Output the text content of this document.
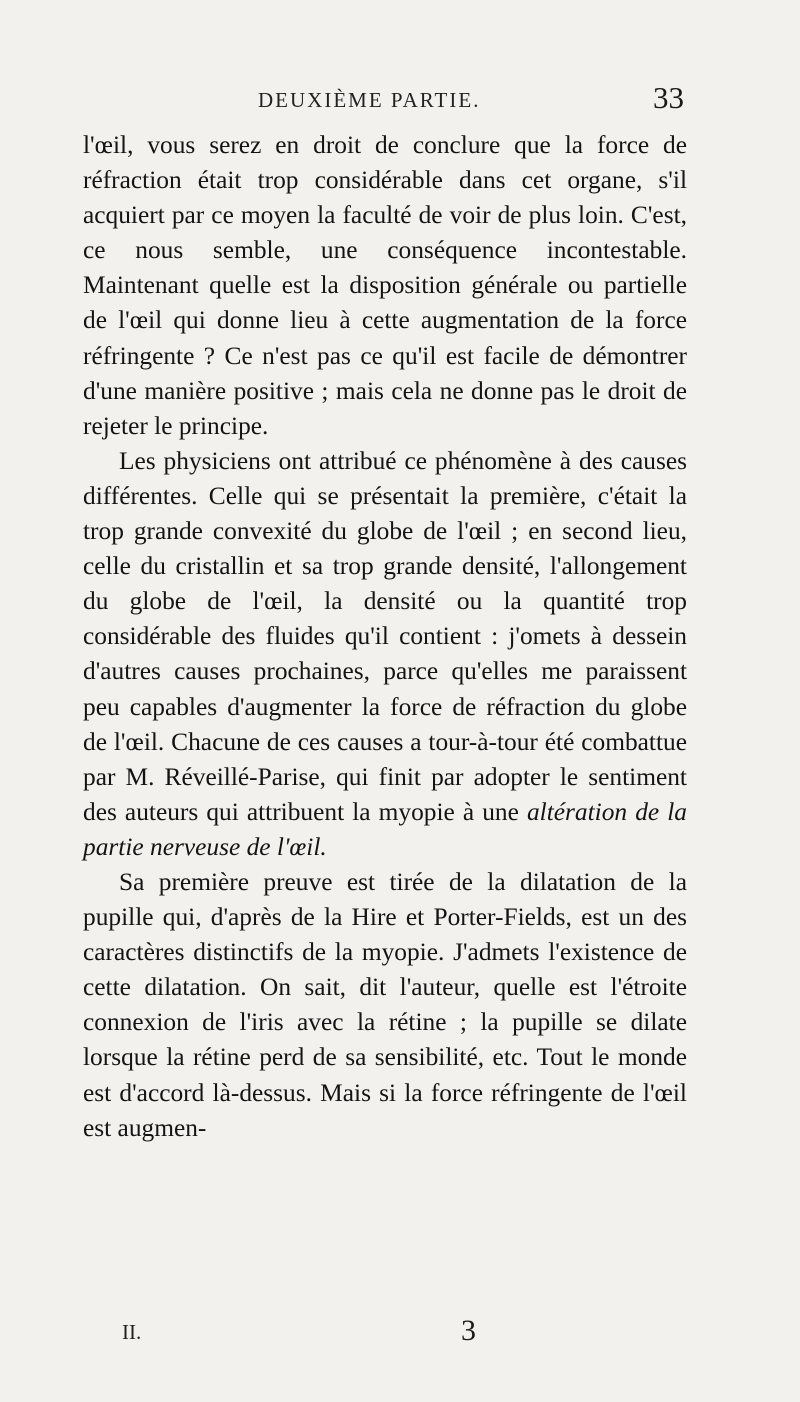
DEUXIÈME PARTIE.	33

l'œil, vous serez en droit de conclure que la force de réfraction était trop considérable dans cet organe, s'il acquiert par ce moyen la faculté de voir de plus loin. C'est, ce nous semble, une conséquence incontestable. Maintenant quelle est la disposition générale ou partielle de l'œil qui donne lieu à cette augmentation de la force réfringente ? Ce n'est pas ce qu'il est facile de démontrer d'une manière positive ; mais cela ne donne pas le droit de rejeter le principe.

Les physiciens ont attribué ce phénomène à des causes différentes. Celle qui se présentait la première, c'était la trop grande convexité du globe de l'œil ; en second lieu, celle du cristallin et sa trop grande densité, l'allongement du globe de l'œil, la densité ou la quantité trop considérable des fluides qu'il contient : j'omets à dessein d'autres causes prochaines, parce qu'elles me paraissent peu capables d'augmenter la force de réfraction du globe de l'œil. Chacune de ces causes a tour-à-tour été combattue par M. Réveillé-Parise, qui finit par adopter le sentiment des auteurs qui attribuent la myopie à une altération de la partie nerveuse de l'œil.

Sa première preuve est tirée de la dilatation de la pupille qui, d'après de la Hire et Porter-Fields, est un des caractères distinctifs de la myopie. J'admets l'existence de cette dilatation. On sait, dit l'auteur, quelle est l'étroite connexion de l'iris avec la rétine ; la pupille se dilate lorsque la rétine perd de sa sensibilité, etc. Tout le monde est d'accord là-dessus. Mais si la force réfringente de l'œil est augmen-

II.	3
